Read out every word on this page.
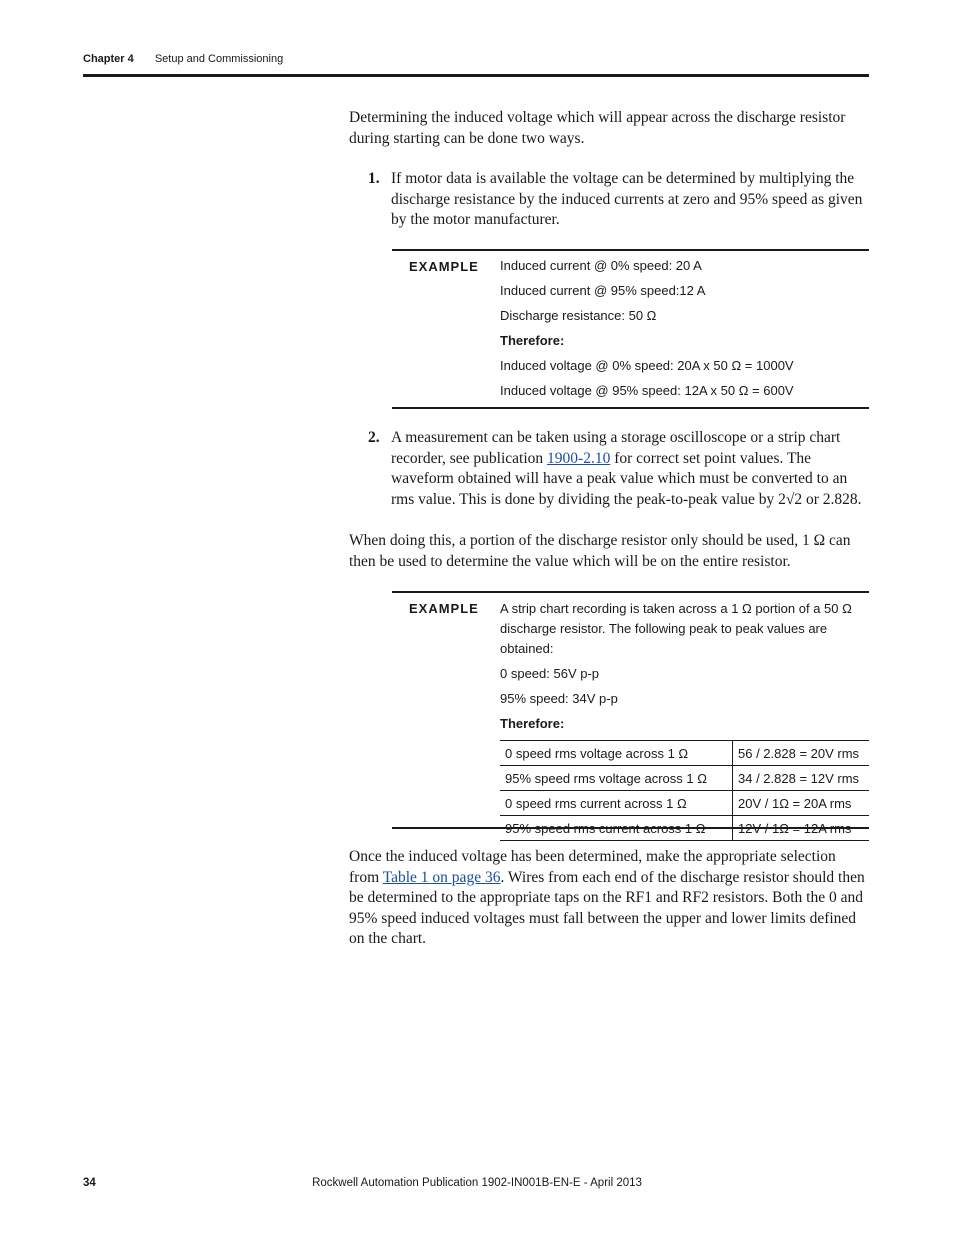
Chapter 4 Setup and Commissioning

Determining the induced voltage which will appear across the discharge resistor during starting can be done two ways.

1. If motor data is available the voltage can be determined by multiplying the discharge resistance by the induced currents at zero and 95% speed as given by the motor manufacturer.
EXAMPLE Induced current @ 0% speed: 20 A
Induced current @ 95% speed:12 A
Discharge resistance: 50 Ω
Therefore:
Induced voltage @ 0% speed: 20A x 50 Ω = 1000V
Induced voltage @ 95% speed: 12A x 50 Ω = 600V
2. A measurement can be taken using a storage oscilloscope or a strip chart recorder, see publication 1900-2.10 for correct set point values. The waveform obtained will have a peak value which must be converted to an rms value. This is done by dividing the peak-to-peak value by 2√2 or 2.828.

When doing this, a portion of the discharge resistor only should be used, 1 Ω can then be used to determine the value which will be on the entire resistor.

EXAMPLE A strip chart recording is taken across a 1 Ω portion of a 50 Ω discharge resistor. The following peak to peak values are obtained:
0 speed: 56V p-p
95% speed: 34V p-p
Therefore:
0 speed rms voltage across 1 Ω	56 / 2.828 = 20V rms
95% speed rms voltage across 1 Ω	34 / 2.828 = 12V rms
0 speed rms current across 1 Ω	20V / 1Ω = 20A rms
95% speed rms current across 1 Ω	12V / 1Ω = 12A rms

Once the induced voltage has been determined, make the appropriate selection from Table 1 on page 36. Wires from each end of the discharge resistor should then be determined to the appropriate taps on the RF1 and RF2 resistors. Both the 0 and 95% speed induced voltages must fall between the upper and lower limits defined on the chart.

34	Rockwell Automation Publication 1902-IN001B-EN-E - April 2013
